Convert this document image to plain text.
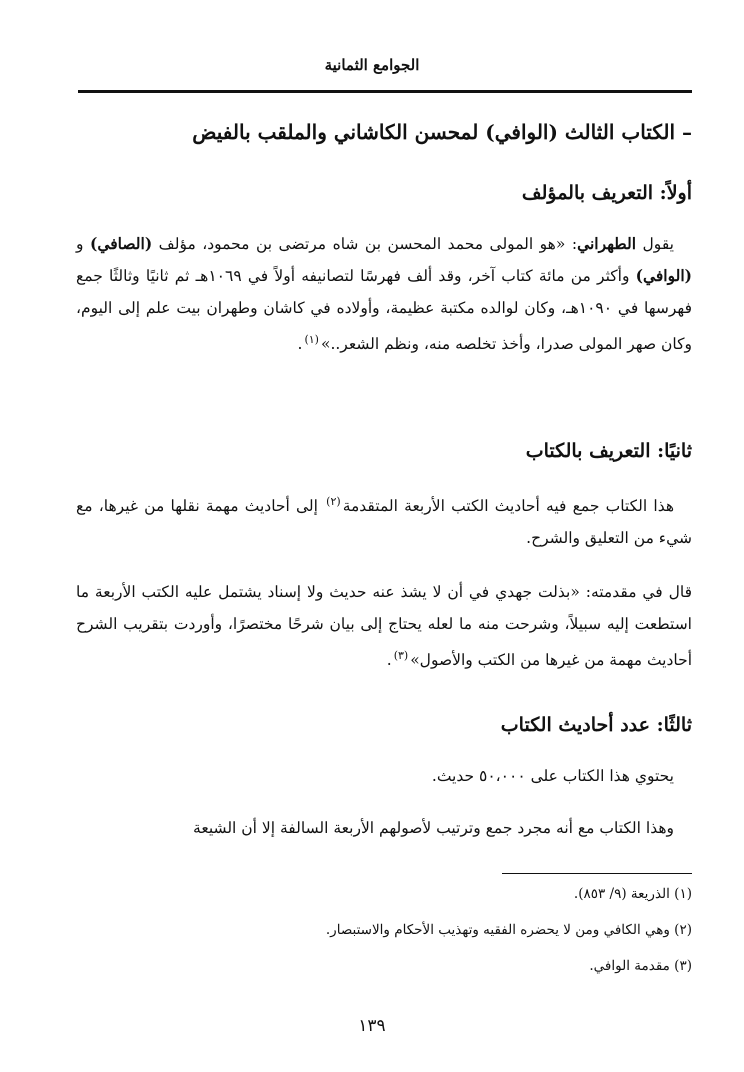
الجوامع الثمانية
– الكتاب الثالث (الوافي) لمحسن الكاشاني والملقب بالفيض
أولاً: التعريف بالمؤلف

يقول الطهراني: «هو المولى محمد المحسن بن شاه مرتضى بن محمود، مؤلف (الصافي) و (الوافي) وأكثر من مائة كتاب آخر، وقد ألف فهرسًا لتصانيفه أولاً في ١٠٦٩هـ ثم ثانيًا وثالثًا جمع فهرسها في ١٠٩٠هـ، وكان لوالده مكتبة عظيمة، وأولاده في كاشان وطهران بيت علم إلى اليوم، وكان صهر المولى صدرا، وأخذ تخلصه منه، ونظم الشعر..»$^{(١)}$.

ثانيًا: التعريف بالكتاب

هذا الكتاب جمع فيه أحاديث الكتب الأربعة المتقدمة$^{(٢)}$ إلى أحاديث مهمة نقلها من غيرها، مع شيء من التعليق والشرح.

قال في مقدمته: «بذلت جهدي في أن لا يشذ عنه حديث ولا إسناد يشتمل عليه الكتب الأربعة ما استطعت إليه سبيلاً، وشرحت منه ما لعله يحتاج إلى بيان شرحًا مختصرًا، وأوردت بتقريب الشرح أحاديث مهمة من غيرها من الكتب والأصول»$^{(٣)}$.

ثالثًا: عدد أحاديث الكتاب

يحتوي هذا الكتاب على ٥٠،٠٠٠ حديث.

وهذا الكتاب مع أنه مجرد جمع وترتيب لأصولهم الأربعة السالفة إلا أن الشيعة

(١) الذريعة (٩/ ٨٥٣).

(٢) وهي الكافي ومن لا يحضره الفقيه وتهذيب الأحكام والاستبصار.

(٣) مقدمة الوافي.

١٣٩
